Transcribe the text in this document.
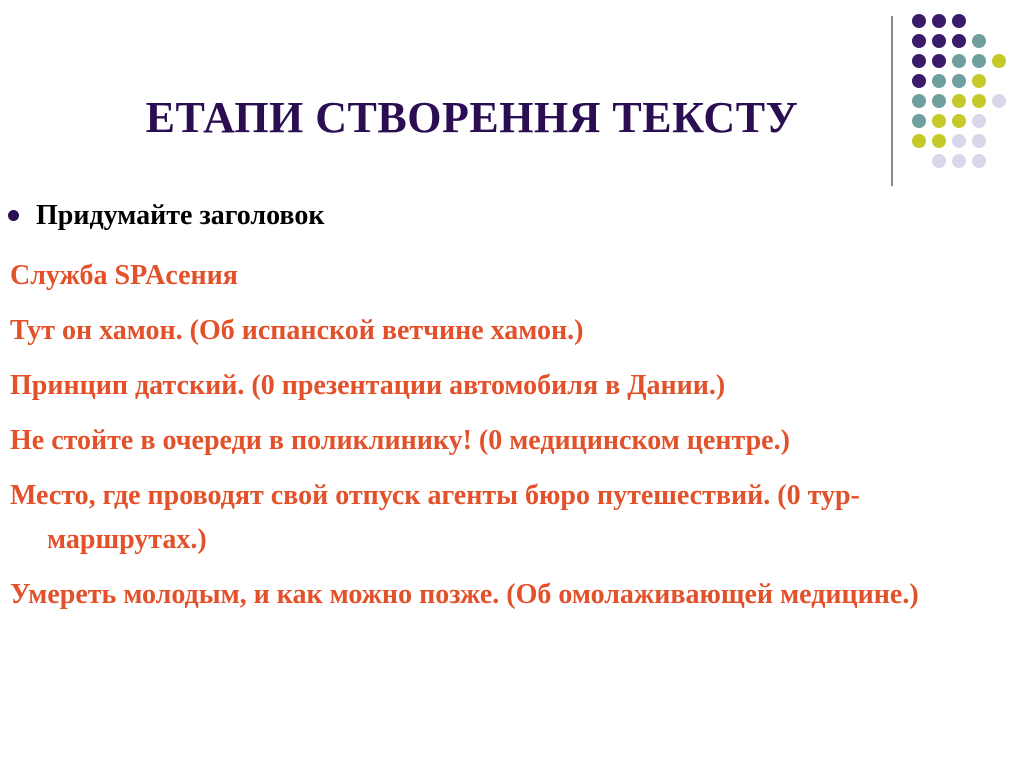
ЕТАПИ СТВОРЕННЯ ТЕКСТУ
Придумайте заголовок
Служба SPAсения
Тут он хамон. (Об испанской ветчине хамон.)
Принцип датский. (0 презентации автомобиля в Дании.)
Не стойте в очереди в поликлинику! (0 медицинском центре.)
Место, где проводят свой отпуск агенты бюро путешествий. (0 тур-маршрутах.)
Умереть молодым, и как можно позже. (Об омолаживающей медицине.)
